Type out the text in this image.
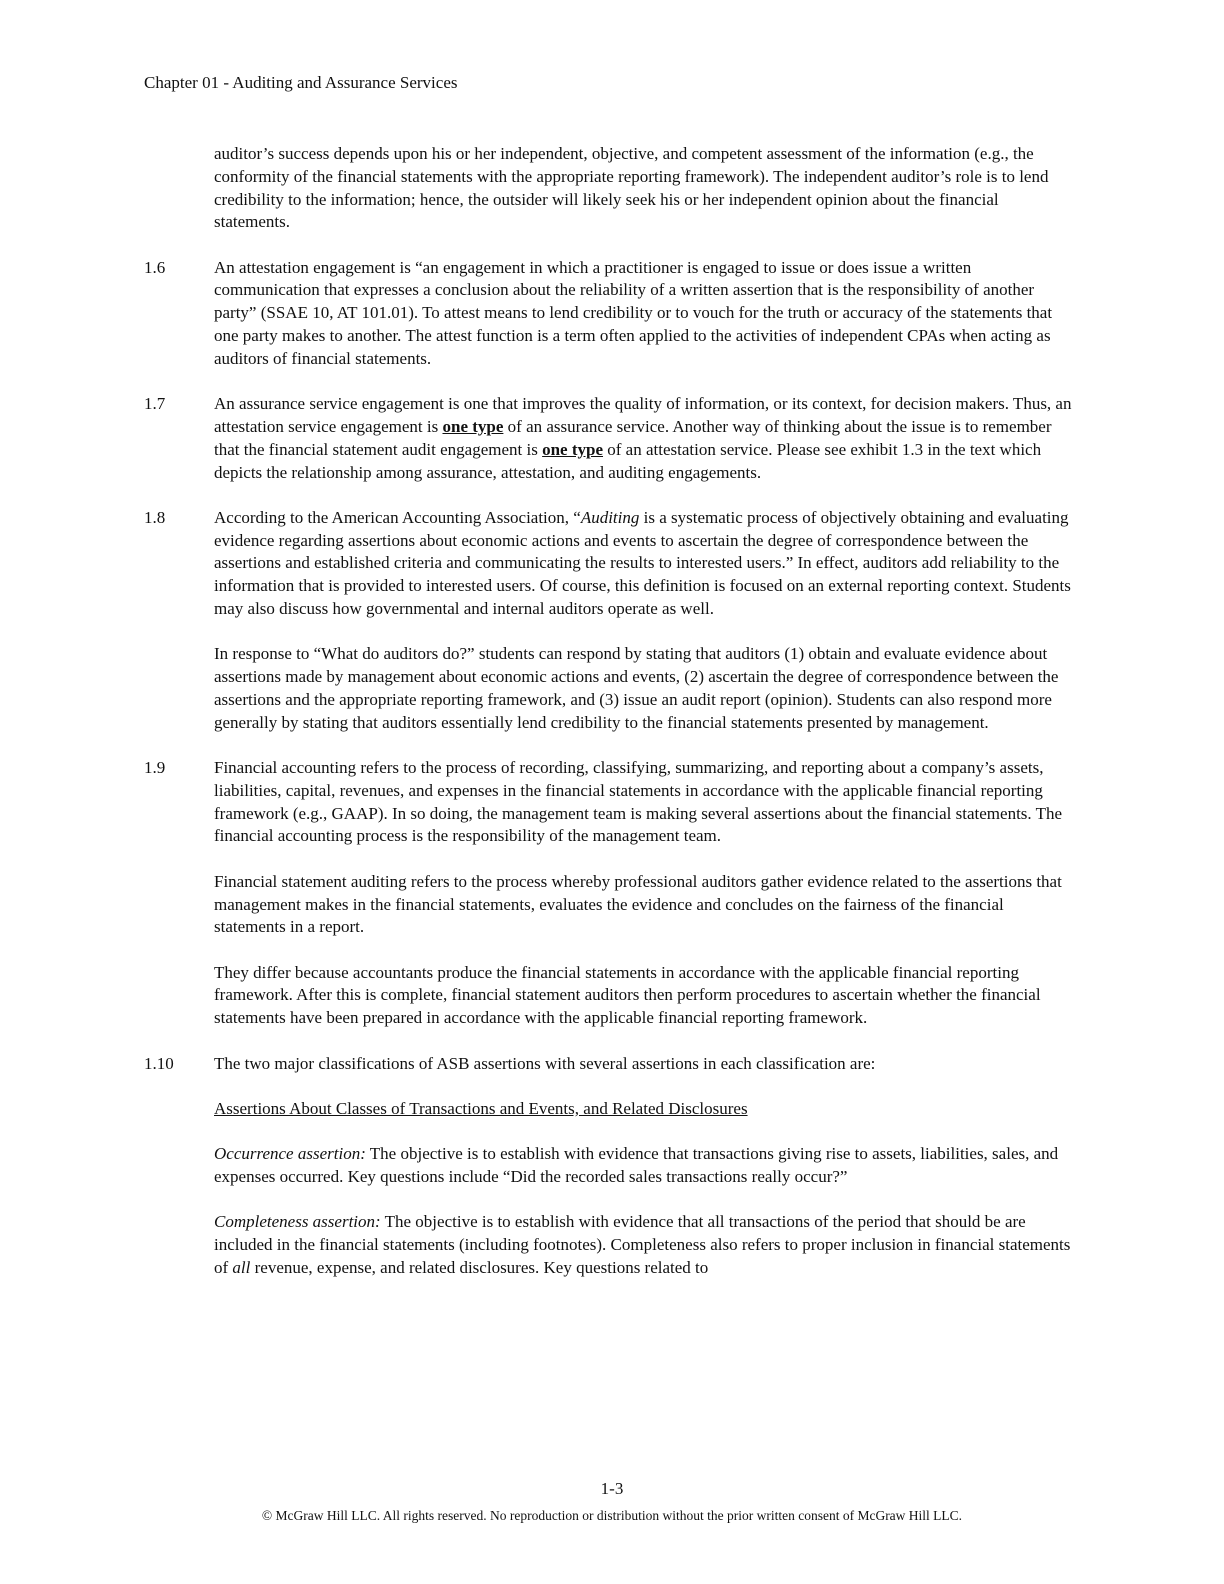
Chapter 01 - Auditing and Assurance Services

auditor’s success depends upon his or her independent, objective, and competent assessment of the information (e.g., the conformity of the financial statements with the appropriate reporting framework). The independent auditor’s role is to lend credibility to the information; hence, the outsider will likely seek his or her independent opinion about the financial statements.

1.6	An attestation engagement is “an engagement in which a practitioner is engaged to issue or does issue a written communication that expresses a conclusion about the reliability of a written assertion that is the responsibility of another party” (SSAE 10, AT 101.01). To attest means to lend credibility or to vouch for the truth or accuracy of the statements that one party makes to another. The attest function is a term often applied to the activities of independent CPAs when acting as auditors of financial statements.

1.7	An assurance service engagement is one that improves the quality of information, or its context, for decision makers. Thus, an attestation service engagement is one type of an assurance service. Another way of thinking about the issue is to remember that the financial statement audit engagement is one type of an attestation service. Please see exhibit 1.3 in the text which depicts the relationship among assurance, attestation, and auditing engagements.

1.8	According to the American Accounting Association, “Auditing is a systematic process of objectively obtaining and evaluating evidence regarding assertions about economic actions and events to ascertain the degree of correspondence between the assertions and established criteria and communicating the results to interested users.” In effect, auditors add reliability to the information that is provided to interested users. Of course, this definition is focused on an external reporting context. Students may also discuss how governmental and internal auditors operate as well.

In response to “What do auditors do?” students can respond by stating that auditors (1) obtain and evaluate evidence about assertions made by management about economic actions and events, (2) ascertain the degree of correspondence between the assertions and the appropriate reporting framework, and (3) issue an audit report (opinion). Students can also respond more generally by stating that auditors essentially lend credibility to the financial statements presented by management.

1.9	Financial accounting refers to the process of recording, classifying, summarizing, and reporting about a company’s assets, liabilities, capital, revenues, and expenses in the financial statements in accordance with the applicable financial reporting framework (e.g., GAAP). In so doing, the management team is making several assertions about the financial statements. The financial accounting process is the responsibility of the management team.

Financial statement auditing refers to the process whereby professional auditors gather evidence related to the assertions that management makes in the financial statements, evaluates the evidence and concludes on the fairness of the financial statements in a report.

They differ because accountants produce the financial statements in accordance with the applicable financial reporting framework. After this is complete, financial statement auditors then perform procedures to ascertain whether the financial statements have been prepared in accordance with the applicable financial reporting framework.

1.10	The two major classifications of ASB assertions with several assertions in each classification are:

Assertions About Classes of Transactions and Events, and Related Disclosures

Occurrence assertion: The objective is to establish with evidence that transactions giving rise to assets, liabilities, sales, and expenses occurred. Key questions include “Did the recorded sales transactions really occur?”

Completeness assertion: The objective is to establish with evidence that all transactions of the period that should be are included in the financial statements (including footnotes). Completeness also refers to proper inclusion in financial statements of all revenue, expense, and related disclosures. Key questions related to

1-3
© McGraw Hill LLC. All rights reserved. No reproduction or distribution without the prior written consent of McGraw Hill LLC.
